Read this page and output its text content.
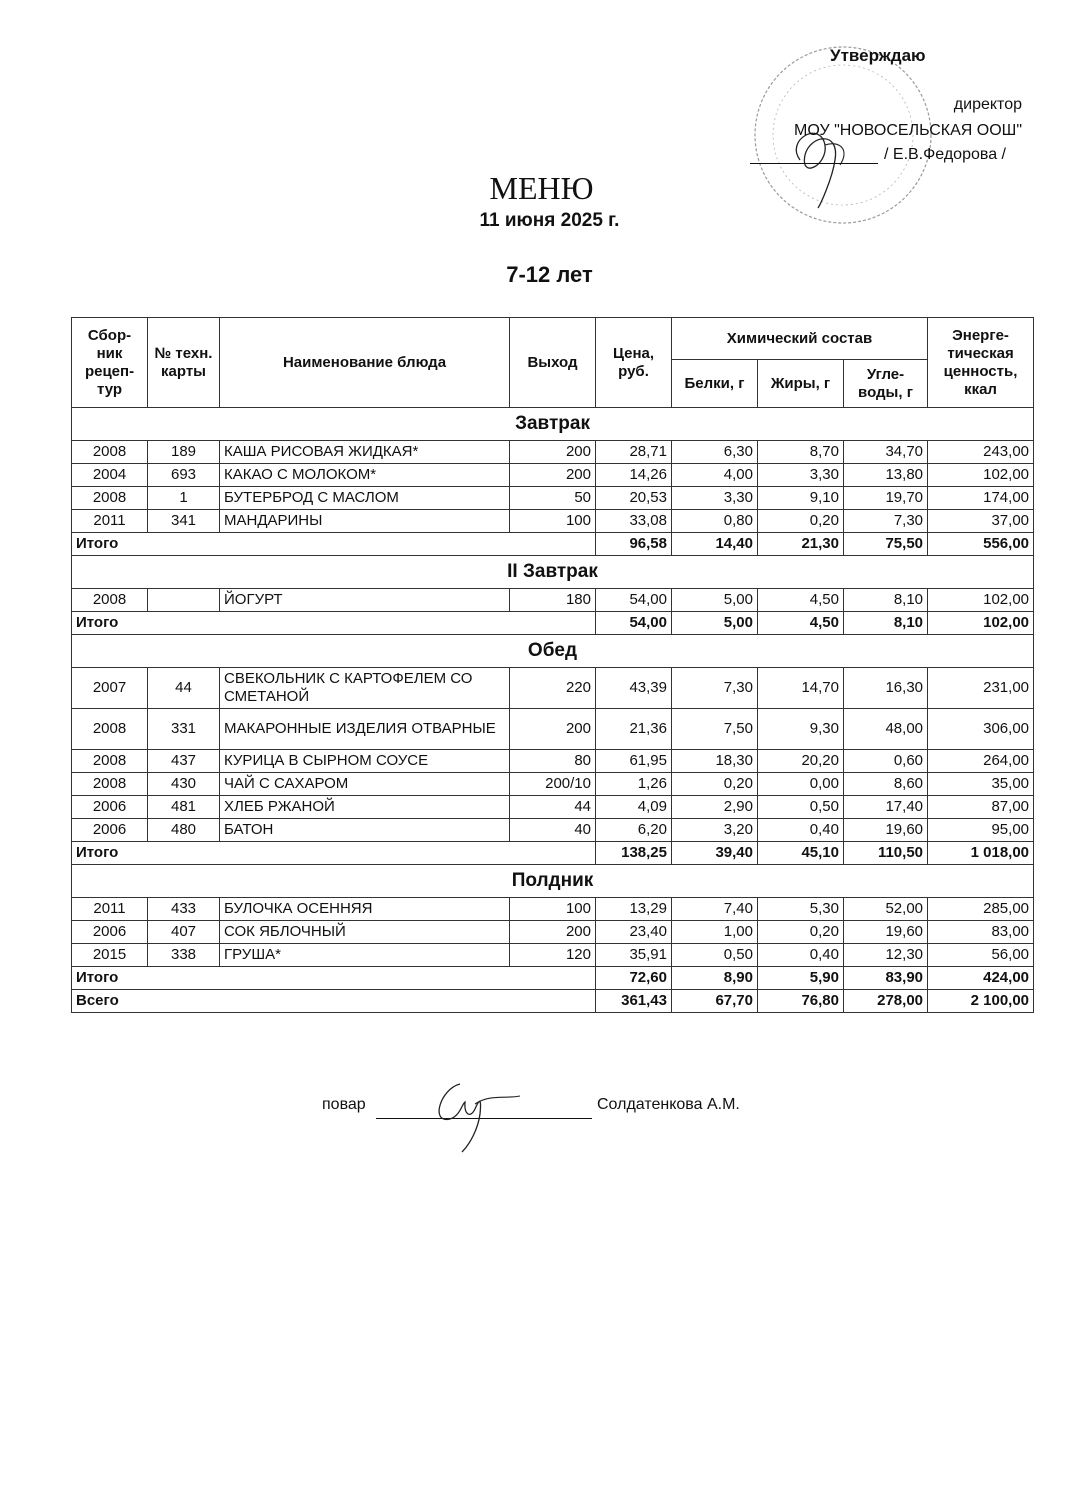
Утверждаю
директор
МОУ "НОВОСЕЛЬСКАЯ ООШ"
/ Е.В.Федорова /
МЕНЮ
11 июня 2025 г.
7-12 лет
Сбор-ник рецеп-тур	№ техн. карты	Наименование блюда	Выход	Цена, руб.	Химический состав			Энерге-тическая ценность, ккал
					Белки, г	Жиры, г	Угле-воды, г	
Завтрак								
2008	189	КАША РИСОВАЯ ЖИДКАЯ*	200	28,71	6,30	8,70	34,70	243,00
2004	693	КАКАО С МОЛОКОМ*	200	14,26	4,00	3,30	13,80	102,00
2008	1	БУТЕРБРОД С МАСЛОМ	50	20,53	3,30	9,10	19,70	174,00
2011	341	МАНДАРИНЫ	100	33,08	0,80	0,20	7,30	37,00
Итого				96,58	14,40	21,30	75,50	556,00
II Завтрак								
2008		ЙОГУРТ	180	54,00	5,00	4,50	8,10	102,00
Итого				54,00	5,00	4,50	8,10	102,00
Обед								
2007	44	СВЕКОЛЬНИК С КАРТОФЕЛЕМ СО СМЕТАНОЙ	220	43,39	7,30	14,70	16,30	231,00
2008	331	МАКАРОННЫЕ ИЗДЕЛИЯ ОТВАРНЫЕ	200	21,36	7,50	9,30	48,00	306,00
2008	437	КУРИЦА В СЫРНОМ СОУСЕ	80	61,95	18,30	20,20	0,60	264,00
2008	430	ЧАЙ С САХАРОМ	200/10	1,26	0,20	0,00	8,60	35,00
2006	481	ХЛЕБ РЖАНОЙ	44	4,09	2,90	0,50	17,40	87,00
2006	480	БАТОН	40	6,20	3,20	0,40	19,60	95,00
Итого				138,25	39,40	45,10	110,50	1 018,00
Полдник								
2011	433	БУЛОЧКА ОСЕННЯЯ	100	13,29	7,40	5,30	52,00	285,00
2006	407	СОК ЯБЛОЧНЫЙ	200	23,40	1,00	0,20	19,60	83,00
2015	338	ГРУША*	120	35,91	0,50	0,40	12,30	56,00
Итого				72,60	8,90	5,90	83,90	424,00
Всего				361,43	67,70	76,80	278,00	2 100,00
повар	Солдатенкова А.М.
